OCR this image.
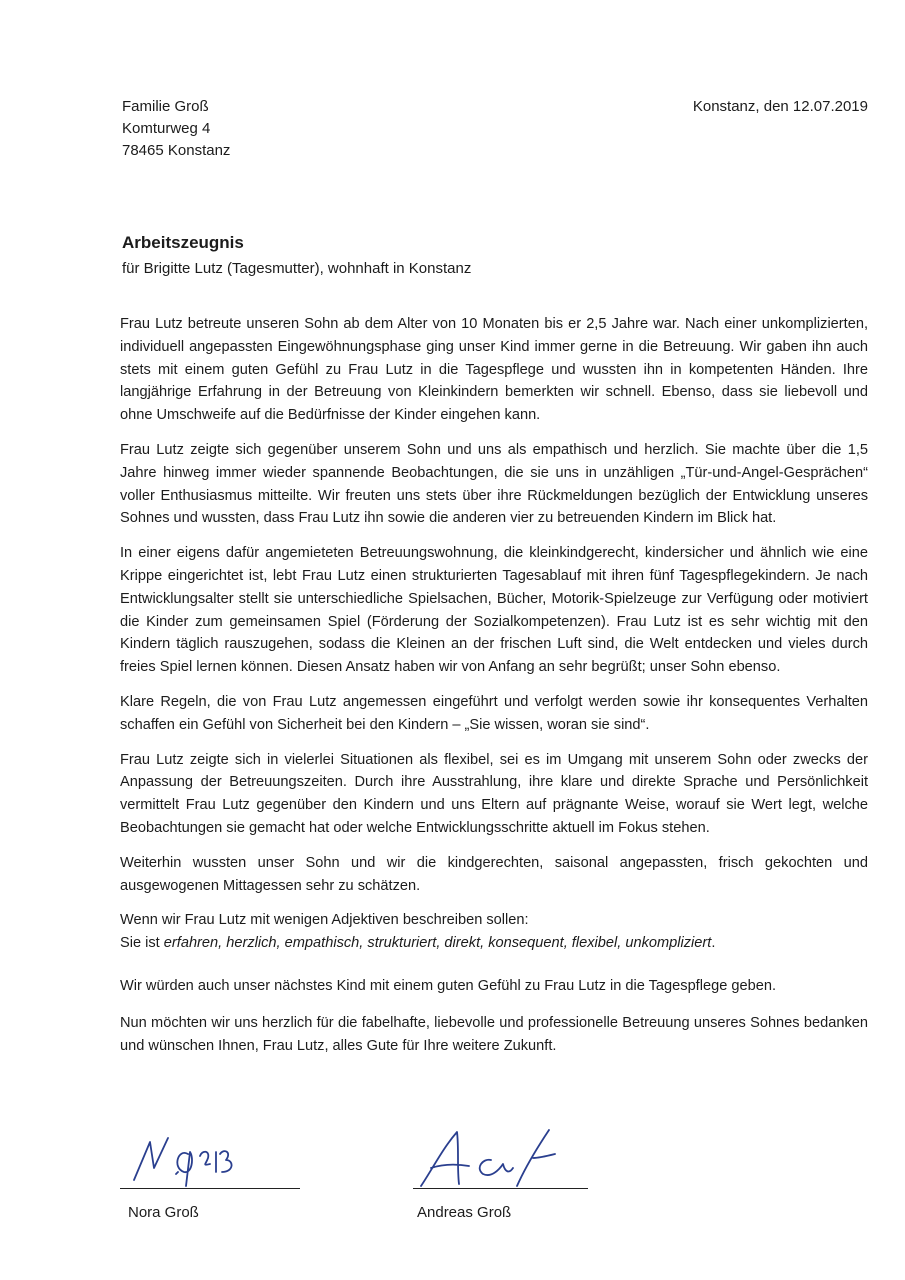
Familie Groß
Komturweg 4
78465 Konstanz
Konstanz, den 12.07.2019
Arbeitszeugnis
für Brigitte Lutz (Tagesmutter), wohnhaft in Konstanz

Frau Lutz betreute unseren Sohn ab dem Alter von 10 Monaten bis er 2,5 Jahre war. Nach einer unkomplizierten, individuell angepassten Eingewöhnungsphase ging unser Kind immer gerne in die Betreuung. Wir gaben ihn auch stets mit einem guten Gefühl zu Frau Lutz in die Tagespflege und wussten ihn in kompetenten Händen. Ihre langjährige Erfahrung in der Betreuung von Kleinkindern bemerkten wir schnell. Ebenso, dass sie liebevoll und ohne Umschweife auf die Bedürfnisse der Kinder eingehen kann.

Frau Lutz zeigte sich gegenüber unserem Sohn und uns als empathisch und herzlich. Sie machte über die 1,5 Jahre hinweg immer wieder spannende Beobachtungen, die sie uns in unzähligen „Tür-und-Angel-Gesprächen“ voller Enthusiasmus mitteilte. Wir freuten uns stets über ihre Rückmeldungen bezüglich der Entwicklung unseres Sohnes und wussten, dass Frau Lutz ihn sowie die anderen vier zu betreuenden Kindern im Blick hat.

In einer eigens dafür angemieteten Betreuungswohnung, die kleinkindgerecht, kindersicher und ähnlich wie eine Krippe eingerichtet ist, lebt Frau Lutz einen strukturierten Tagesablauf mit ihren fünf Tagespflegekindern. Je nach Entwicklungsalter stellt sie unterschiedliche Spielsachen, Bücher, Motorik-Spielzeuge zur Verfügung oder motiviert die Kinder zum gemeinsamen Spiel (Förderung der Sozialkompetenzen). Frau Lutz ist es sehr wichtig mit den Kindern täglich rauszugehen, sodass die Kleinen an der frischen Luft sind, die Welt entdecken und vieles durch freies Spiel lernen können. Diesen Ansatz haben wir von Anfang an sehr begrüßt; unser Sohn ebenso.

Klare Regeln, die von Frau Lutz angemessen eingeführt und verfolgt werden sowie ihr konsequentes Verhalten schaffen ein Gefühl von Sicherheit bei den Kindern – „Sie wissen, woran sie sind“.

Frau Lutz zeigte sich in vielerlei Situationen als flexibel, sei es im Umgang mit unserem Sohn oder zwecks der Anpassung der Betreuungszeiten. Durch ihre Ausstrahlung, ihre klare und direkte Sprache und Persönlichkeit vermittelt Frau Lutz gegenüber den Kindern und uns Eltern auf prägnante Weise, worauf sie Wert legt, welche Beobachtungen sie gemacht hat oder welche Entwicklungsschritte aktuell im Fokus stehen.

Weiterhin wussten unser Sohn und wir die kindgerechten, saisonal angepassten, frisch gekochten und ausgewogenen Mittagessen sehr zu schätzen.

Wenn wir Frau Lutz mit wenigen Adjektiven beschreiben sollen:
Sie ist erfahren, herzlich, empathisch, strukturiert, direkt, konsequent, flexibel, unkompliziert.

Wir würden auch unser nächstes Kind mit einem guten Gefühl zu Frau Lutz in die Tagespflege geben.

Nun möchten wir uns herzlich für die fabelhafte, liebevolle und professionelle Betreuung unseres Sohnes bedanken und wünschen Ihnen, Frau Lutz, alles Gute für Ihre weitere Zukunft.

Nora Groß	Andreas Groß
